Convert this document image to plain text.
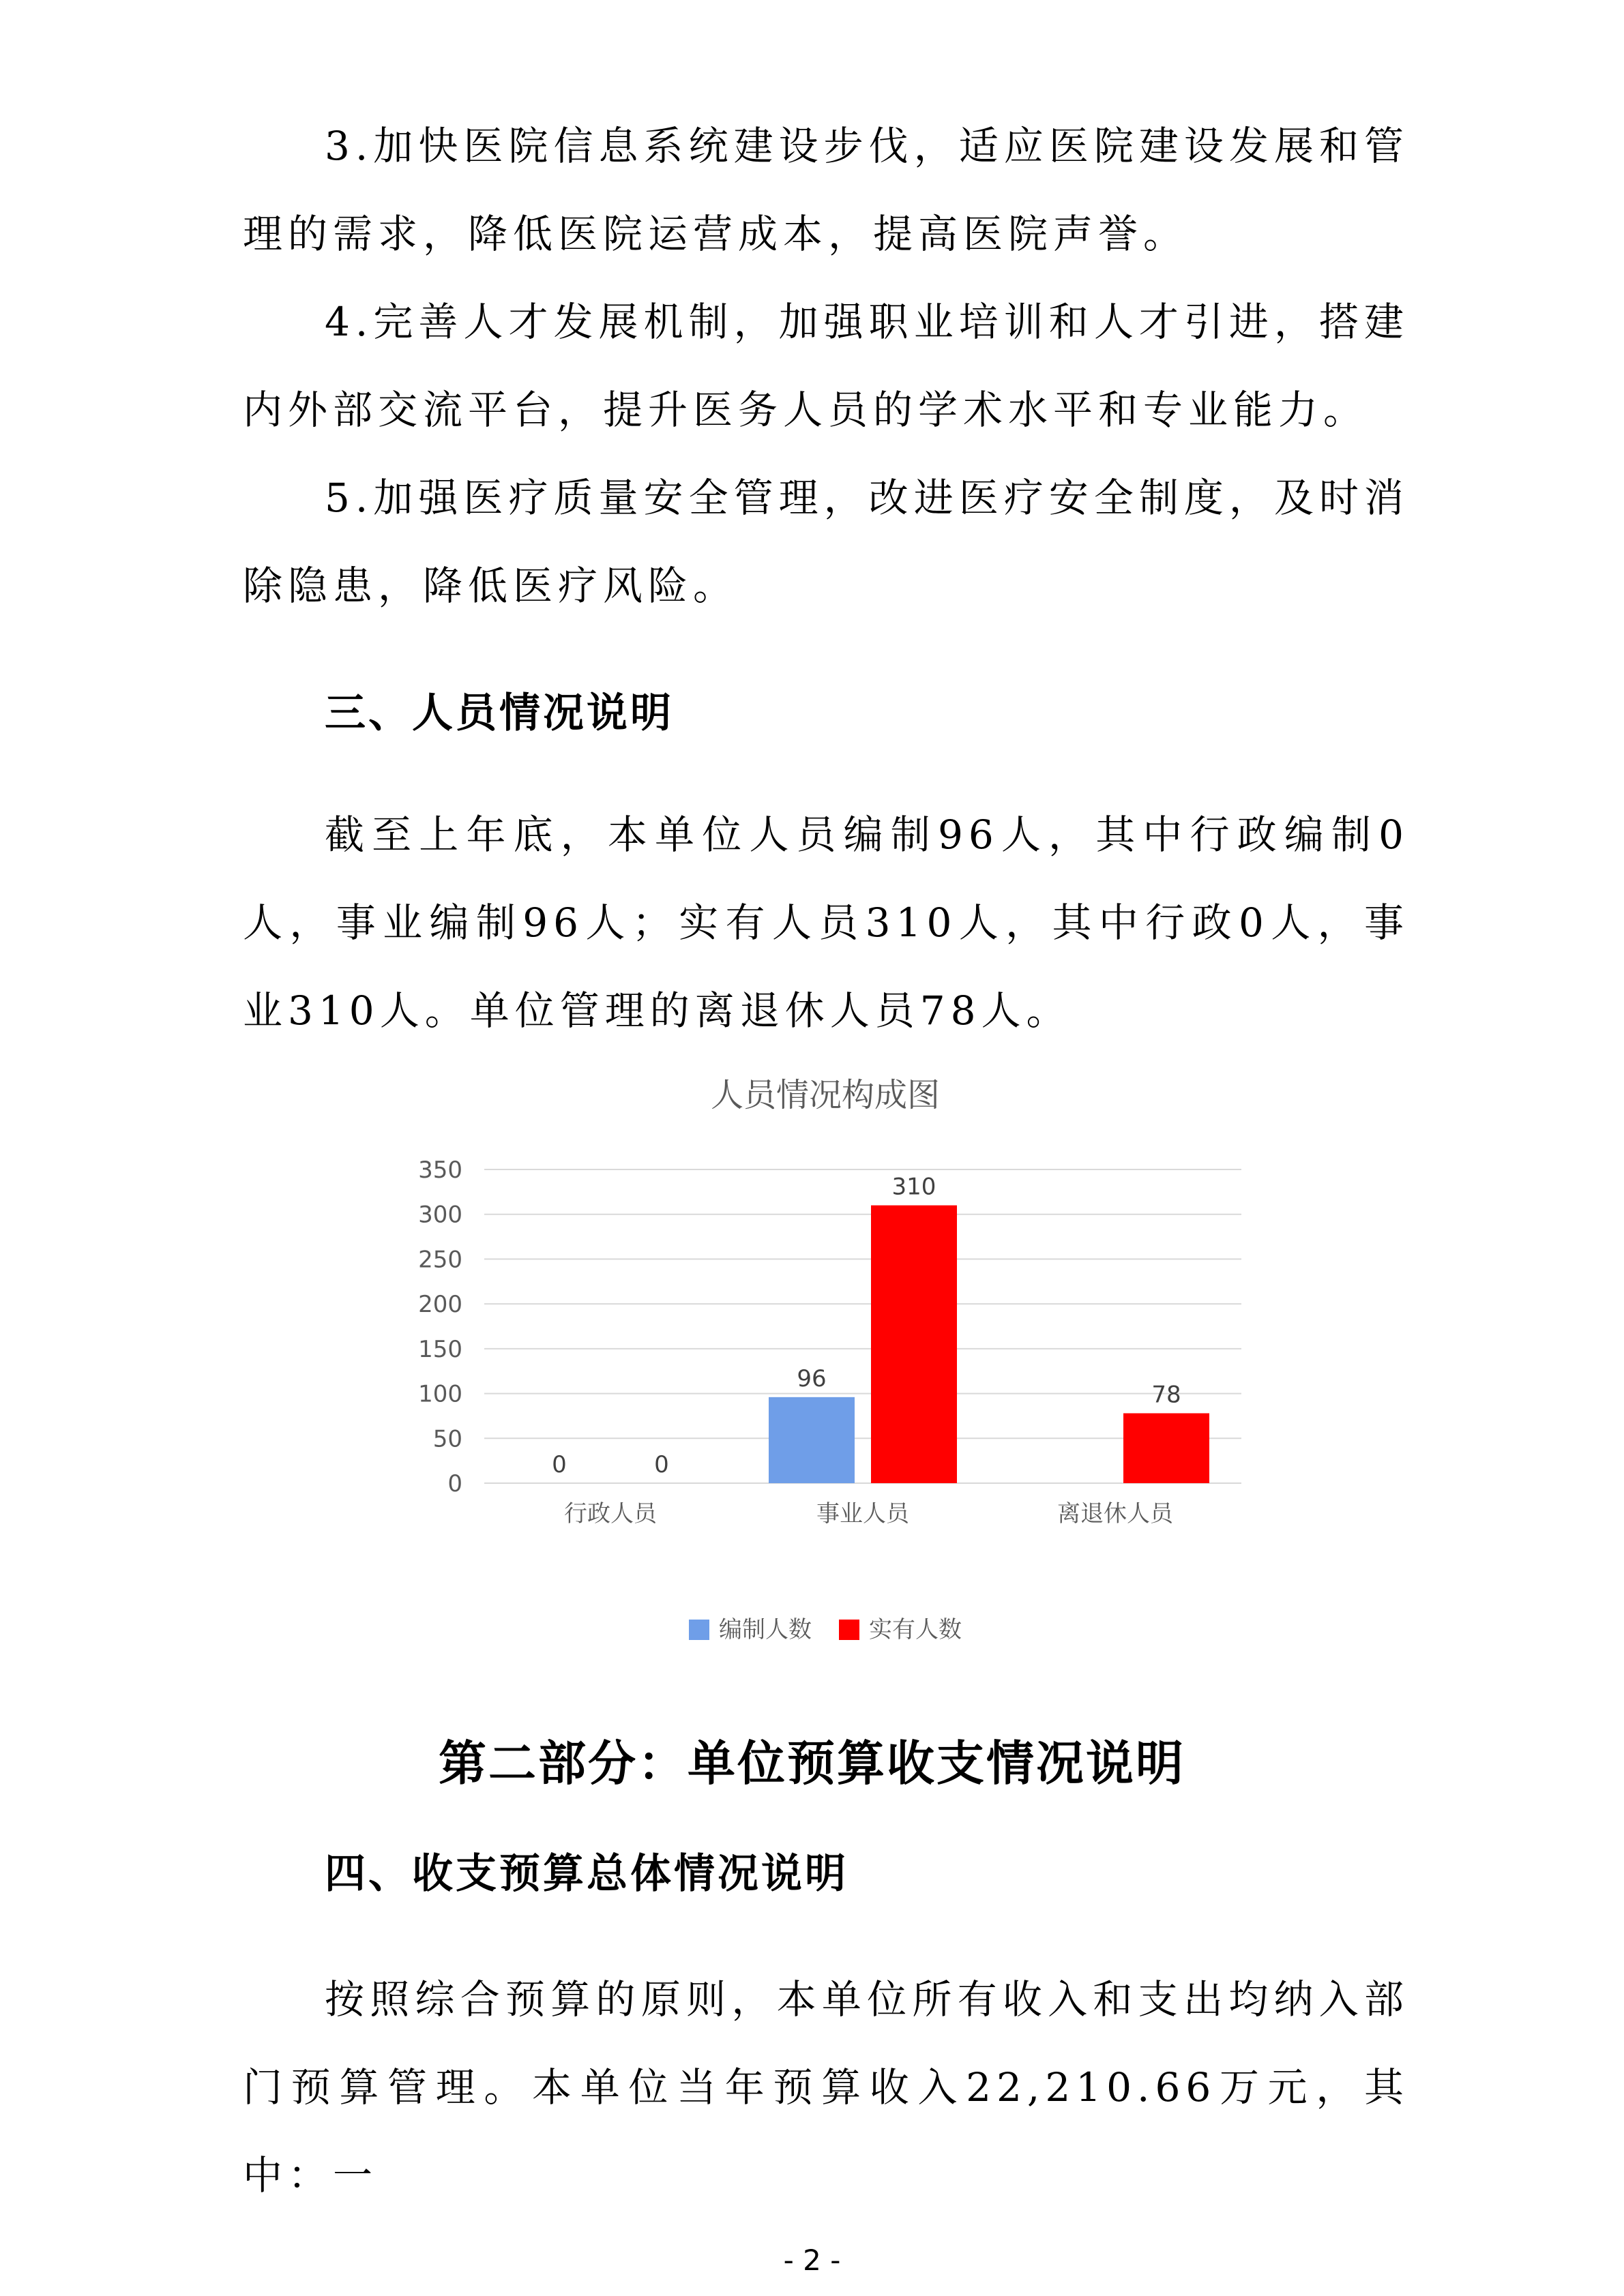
3.加快医院信息系统建设步伐，适应医院建设发展和管理的需求，降低医院运营成本，提高医院声誉。

4.完善人才发展机制，加强职业培训和人才引进，搭建内外部交流平台，提升医务人员的学术水平和专业能力。

5.加强医疗质量安全管理，改进医疗安全制度，及时消除隐患，降低医疗风险。

三、人员情况说明

截至上年底，本单位人员编制96人，其中行政编制0人，事业编制96人；实有人员310人，其中行政0人，事业310人。单位管理的离退休人员78人。

人员情况构成图
0
50
100
150
200
250
300
350
0	0
行政人员
96
310
事业人员
78
离退休人员
编制人数 实有人数
第二部分：单位预算收支情况说明
四、收支预算总体情况说明

按照综合预算的原则，本单位所有收入和支出均纳入部门预算管理。本单位当年预算收入22,210.66万元，其中：一

- 2 -
